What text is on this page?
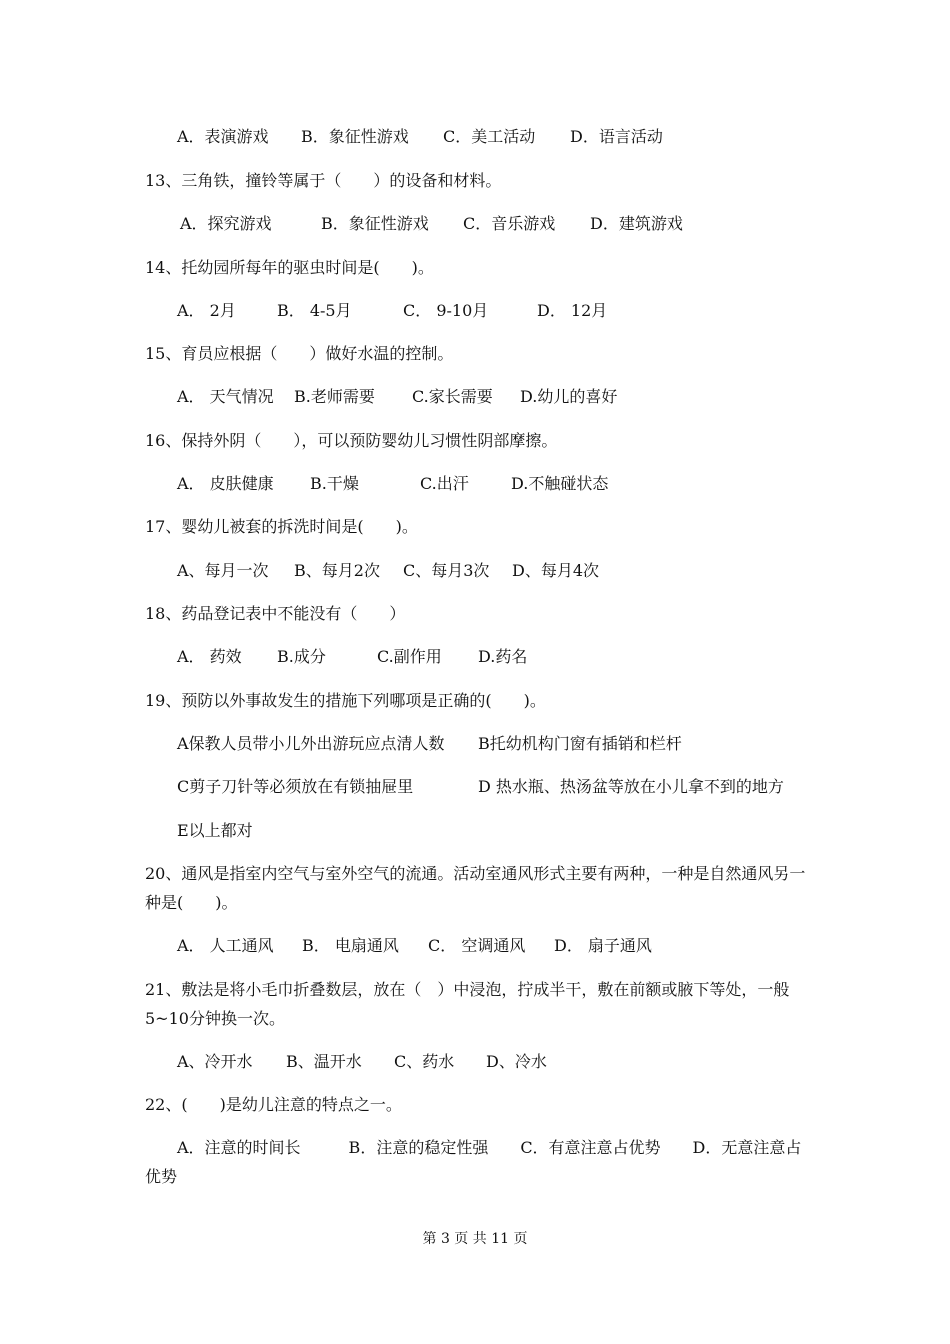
A．表演游戏 B．象征性游戏 C．美工活动 D．语言活动
13、三角铁，撞铃等属于（　　）的设备和材料。
A．探究游戏	B．象征性游戏 C．音乐游戏 D．建筑游戏
14、托幼园所每年的驱虫时间是(　　)。
A． 2月	B． 4-5月	C． 9-10月	D． 12月
15、育员应根据（　　）做好水温的控制。
A． 天气情况 B.老师需要 C.家长需要 D.幼儿的喜好
16、保持外阴（　　），可以预防婴幼儿习惯性阴部摩擦。
A． 皮肤健康 B.干燥	C.出汗	D.不触碰状态
17、婴幼儿被套的拆洗时间是(　　)。
A、每月一次 B、每月2次 C、每月3次 D、每月4次
18、药品登记表中不能没有（　　）
A． 药效 B.成分	C.副作用 D.药名
19、预防以外事故发生的措施下列哪项是正确的(　　)。
A保教人员带小儿外出游玩应点清人数 B托幼机构门窗有插销和栏杆
C剪子刀针等必须放在有锁抽屉里	D 热水瓶、热汤盆等放在小儿拿不到的地方
E以上都对
20、通风是指室内空气与室外空气的流通。活动室通风形式主要有两种，一种是自然通风另一种是(　　)。
A． 人工通风 B． 电扇通风 C． 空调通风 D． 扇子通风
21、敷法是将小毛巾折叠数层，放在（　）中浸泡，拧成半干，敷在前额或腋下等处，一般5~10分钟换一次。
A、冷开水 B、温开水 C、药水 D、冷水
22、(　　)是幼儿注意的特点之一。
A．注意的时间长　　　B．注意的稳定性强　　C．有意注意占优势　　D．无意注意占优势
第 3 页 共 11 页
